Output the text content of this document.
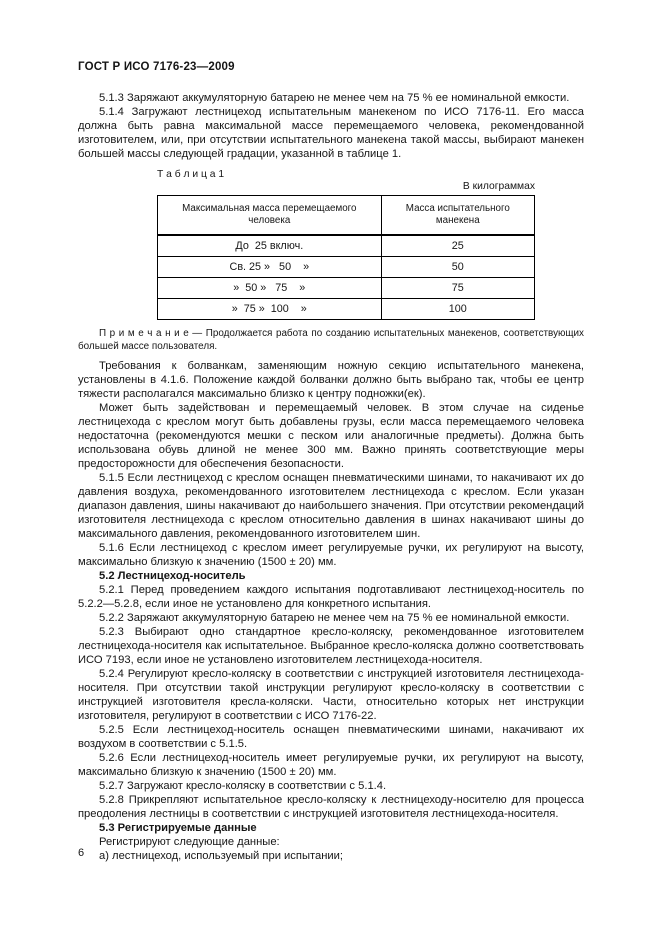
ГОСТ Р ИСО 7176-23—2009

5.1.3 Заряжают аккумуляторную батарею не менее чем на 75 % ее номинальной емкости.

5.1.4 Загружают лестницеход испытательным манекеном по ИСО 7176-11. Его масса должна быть равна максимальной массе перемещаемого человека, рекомендованной изготовителем, или, при отсутствии испытательного манекена такой массы, выбирают манекен большей массы следующей градации, указанной в таблице 1.

Т а б л и ц а 1
В килограммах
Максимальная масса перемещаемого человека	Масса испытательного манекена
До  25 включ.	25
Св. 25 »   50    »	50
»  50 »   75    »	75
»  75 »  100    »	100

П р и м е ч а н и е — Продолжается работа по созданию испытательных манекенов, соответствующих большей массе пользователя.

Требования к болванкам, заменяющим ножную секцию испытательного манекена, установлены в 4.1.6. Положение каждой болванки должно быть выбрано так, чтобы ее центр тяжести располагался максимально близко к центру подножки(ек).

Может быть задействован и перемещаемый человек. В этом случае на сиденье лестницехода с креслом могут быть добавлены грузы, если масса перемещаемого человека недостаточна (рекомендуются мешки с песком или аналогичные предметы). Должна быть использована обувь длиной не менее 300 мм. Важно принять соответствующие меры предосторожности для обеспечения безопасности.

5.1.5 Если лестницеход с креслом оснащен пневматическими шинами, то накачивают их до давления воздуха, рекомендованного изготовителем лестницехода с креслом. Если указан диапазон давления, шины накачивают до наибольшего значения. При отсутствии рекомендаций изготовителя лестницехода с креслом относительно давления в шинах накачивают шины до максимального давления, рекомендованного изготовителем шин.

5.1.6 Если лестницеход с креслом имеет регулируемые ручки, их регулируют на высоту, максимально близкую к значению (1500 ± 20) мм.

5.2 Лестницеход-носитель

5.2.1 Перед проведением каждого испытания подготавливают лестницеход-носитель по 5.2.2—5.2.8, если иное не установлено для конкретного испытания.

5.2.2 Заряжают аккумуляторную батарею не менее чем на 75 % ее номинальной емкости.

5.2.3 Выбирают одно стандартное кресло-коляску, рекомендованное изготовителем лестницехода-носителя как испытательное. Выбранное кресло-коляска должно соответствовать ИСО 7193, если иное не установлено изготовителем лестницехода-носителя.

5.2.4 Регулируют кресло-коляску в соответствии с инструкцией изготовителя лестницехода-носителя. При отсутствии такой инструкции регулируют кресло-коляску в соответствии с инструкцией изготовителя кресла-коляски. Части, относительно которых нет инструкции изготовителя, регулируют в соответствии с ИСО 7176-22.

5.2.5 Если лестницеход-носитель оснащен пневматическими шинами, накачивают их воздухом в соответствии с 5.1.5.

5.2.6 Если лестницеход-носитель имеет регулируемые ручки, их регулируют на высоту, максимально близкую к значению (1500 ± 20) мм.

5.2.7 Загружают кресло-коляску в соответствии с 5.1.4.

5.2.8 Прикрепляют испытательное кресло-коляску к лестницеходу-носителю для процесса преодоления лестницы в соответствии с инструкцией изготовителя лестницехода-носителя.

5.3 Регистрируемые данные

Регистрируют следующие данные:

а) лестницеход, используемый при испытании;

6
